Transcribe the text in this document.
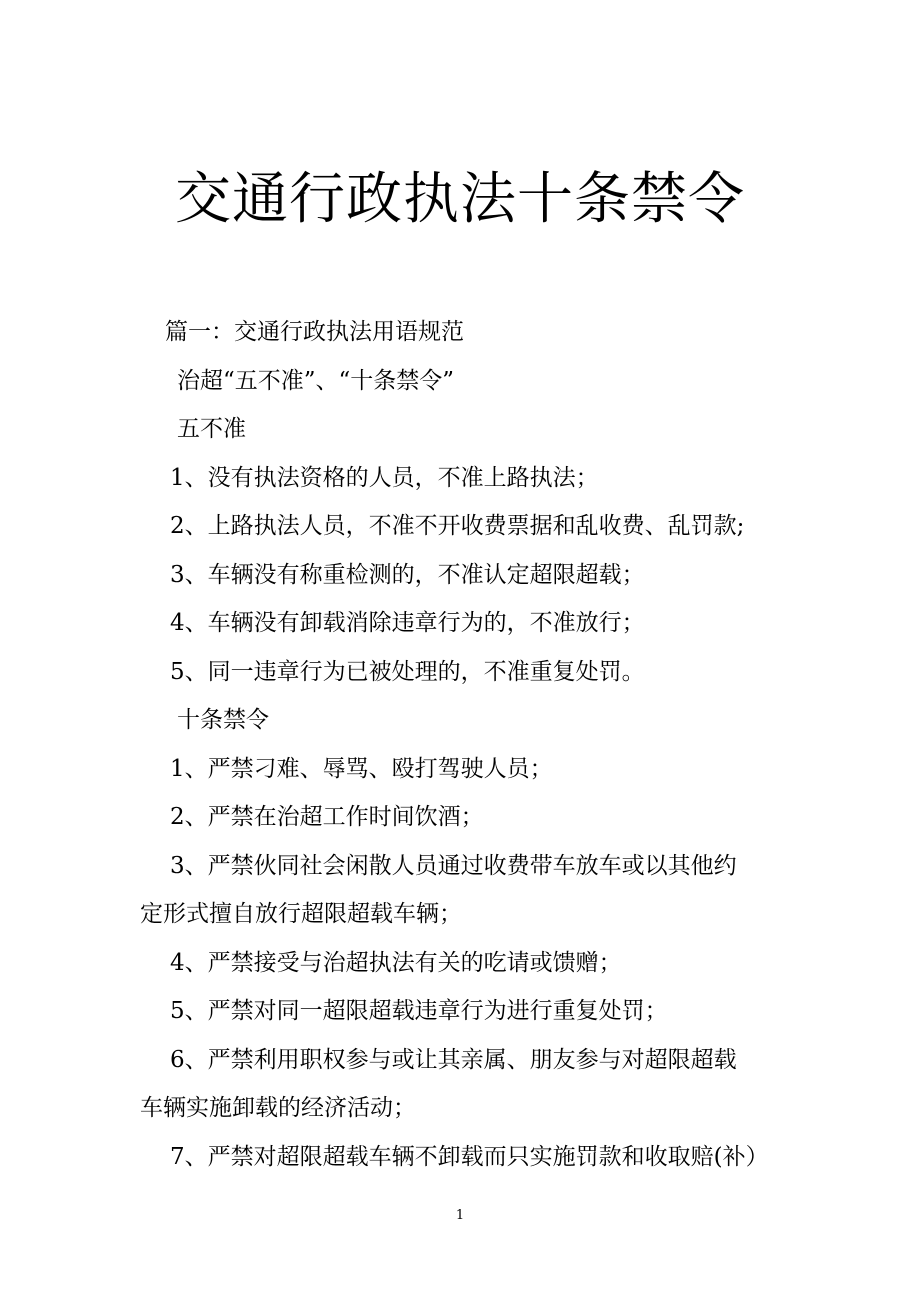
交通行政执法十条禁令
篇一：交通行政执法用语规范
治超“五不准”、“十条禁令”
五不准
1、没有执法资格的人员，不准上路执法；
2、上路执法人员，不准不开收费票据和乱收费、乱罚款;
3、车辆没有称重检测的，不准认定超限超载；
4、车辆没有卸载消除违章行为的，不准放行；
5、同一违章行为已被处理的，不准重复处罚。
十条禁令
1、严禁刁难、辱骂、殴打驾驶人员；
2、严禁在治超工作时间饮酒；
3、严禁伙同社会闲散人员通过收费带车放车或以其他约
定形式擅自放行超限超载车辆；
4、严禁接受与治超执法有关的吃请或馈赠；
5、严禁对同一超限超载违章行为进行重复处罚；
6、严禁利用职权参与或让其亲属、朋友参与对超限超载
车辆实施卸载的经济活动；
7、严禁对超限超载车辆不卸载而只实施罚款和收取赔(补）
1
